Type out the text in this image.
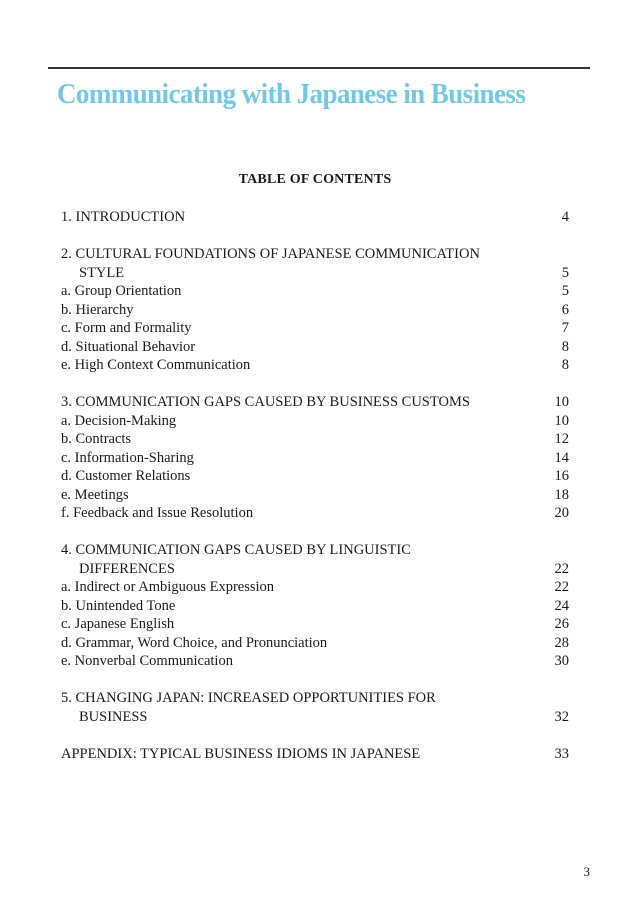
Communicating with Japanese in Business
TABLE OF CONTENTS
1. INTRODUCTION	4
2. CULTURAL FOUNDATIONS OF JAPANESE COMMUNICATION
STYLE	5
a. Group Orientation	5
b. Hierarchy	6
c. Form and Formality	7
d. Situational Behavior	8
e. High Context Communication	8
3. COMMUNICATION GAPS CAUSED BY BUSINESS CUSTOMS	10
a. Decision-Making	10
b. Contracts	12
c. Information-Sharing	14
d. Customer Relations	16
e. Meetings	18
f. Feedback and Issue Resolution	20
4. COMMUNICATION GAPS CAUSED BY LINGUISTIC
DIFFERENCES	22
a. Indirect or Ambiguous Expression	22
b. Unintended Tone	24
c. Japanese English	26
d. Grammar, Word Choice, and Pronunciation	28
e. Nonverbal Communication	30
5. CHANGING JAPAN: INCREASED OPPORTUNITIES FOR
BUSINESS	32
APPENDIX: TYPICAL BUSINESS IDIOMS IN JAPANESE	33
3
